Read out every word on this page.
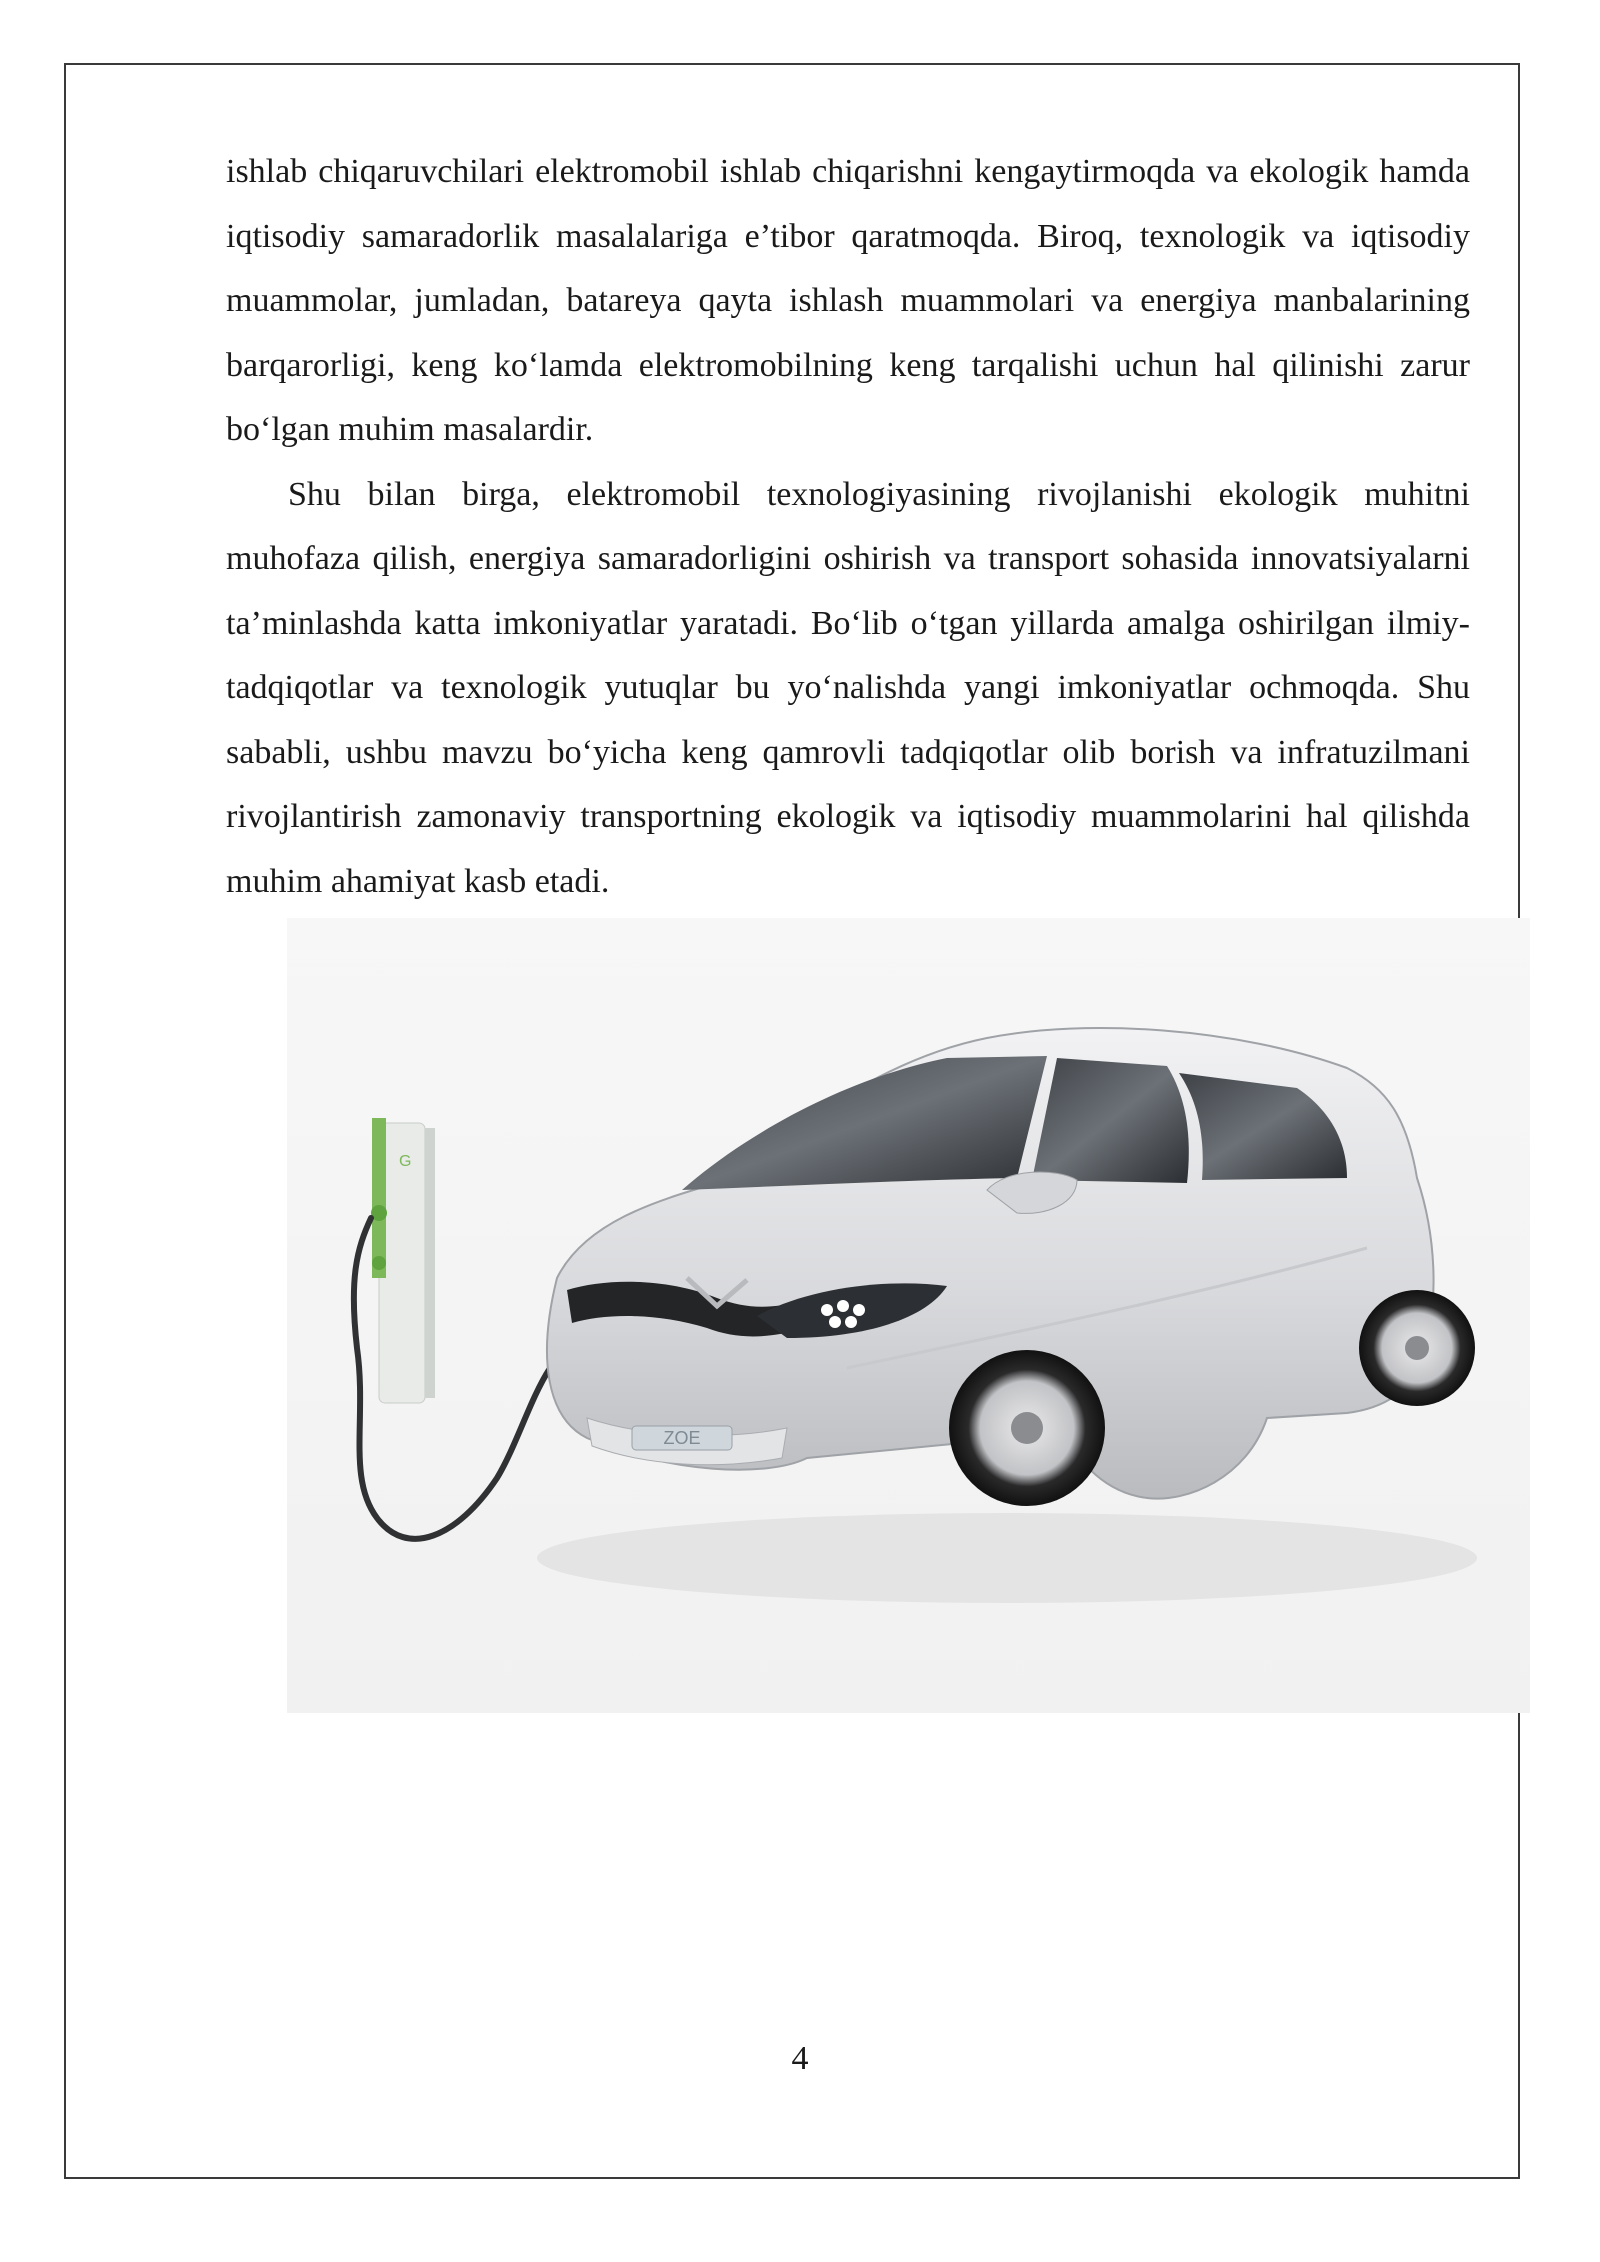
ishlab chiqaruvchilari elektromobil ishlab chiqarishni kengaytirmoqda va ekologik hamda iqtisodiy samaradorlik masalalariga e’tibor qaratmoqda. Biroq, texnologik va iqtisodiy muammolar, jumladan, batareya qayta ishlash muammolari va energiya manbalarining barqarorligi, keng ko‘lamda elektromobilning keng tarqalishi uchun hal qilinishi zarur bo‘lgan muhim masalardir.

Shu bilan birga, elektromobil texnologiyasining rivojlanishi ekologik muhitni muhofaza qilish, energiya samaradorligini oshirish va transport sohasida innovatsiyalarni ta’minlashda katta imkoniyatlar yaratadi. Bo‘lib o‘tgan yillarda amalga oshirilgan ilmiy-tadqiqotlar va texnologik yutuqlar bu yo‘nalishda yangi imkoniyatlar ochmoqda. Shu sababli, ushbu mavzu bo‘yicha keng qamrovli tadqiqotlar olib borish va infratuzilmani rivojlantirish zamonaviy transportning ekologik va iqtisodiy muammolarini hal qilishda muhim ahamiyat kasb etadi.

G
ZOE
4
